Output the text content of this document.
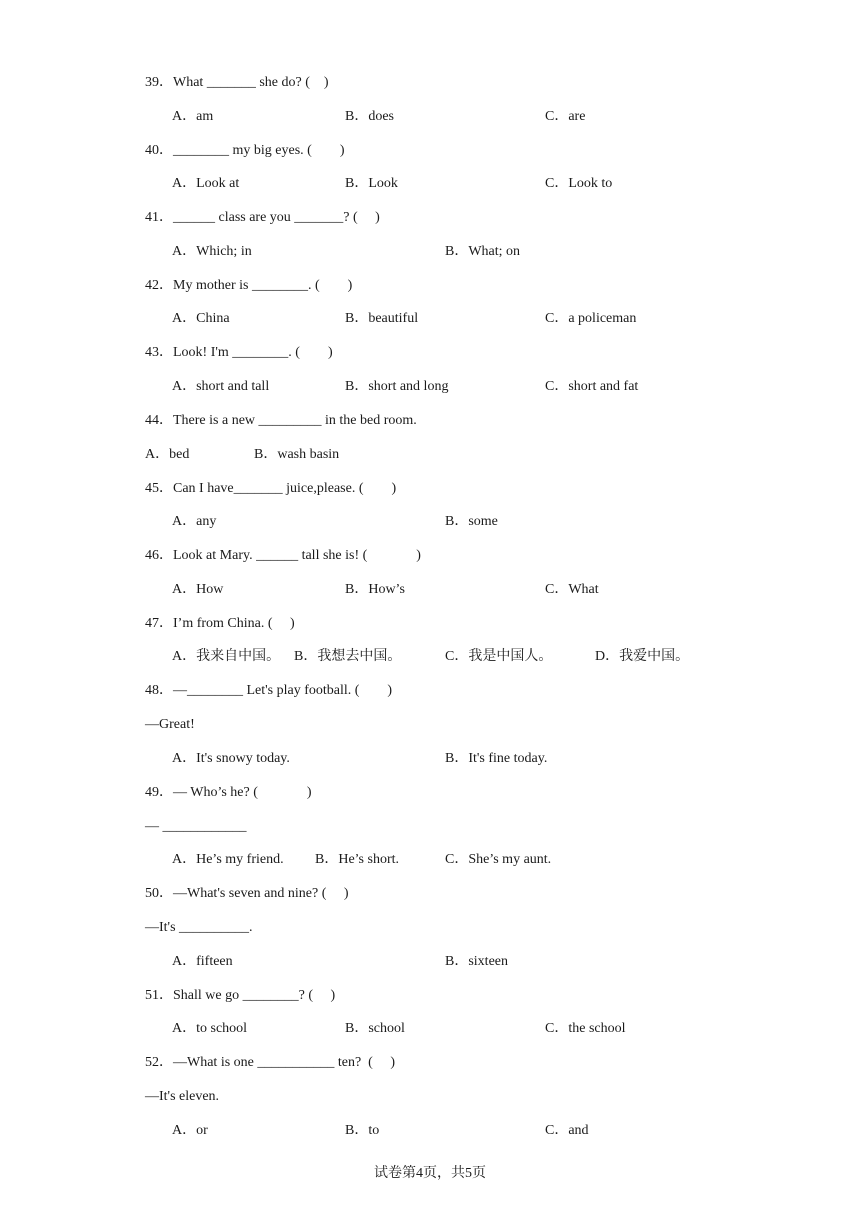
39．What _______ she do? (    )
A．am	B．does	C．are
40．________ my big eyes. (        )
A．Look at	B．Look	C．Look to
41．______ class are you _______? (     )
A．Which; in	B．What; on
42．My mother is ________. (        )
A．China	B．beautiful	C．a policeman
43．Look! I'm ________. (        )
A．short and tall	B．short and long	C．short and fat
44．There is a new _________ in the bed room.
A．bed	B．wash basin
45．Can I have_______ juice,please. (        )
A．any	B．some
46．Look at Mary. ______ tall she is! (              )
A．How	B．How’s	C．What
47．I’m from China. (     )
A．我来自中国。 B．我想去中国。	C．我是中国人。	D．我爱中国。
48．—________ Let's play football. (        )
—Great!
A．It's snowy today.	B．It's fine today.
49．— Who’s he? (              )
— ____________
A．He’s my friend. B．He’s short.	C．She’s my aunt.
50．—What's seven and nine? (     )
—It's __________.
A．fifteen	B．sixteen
51．Shall we go ________? (     )
A．to school	B．school	C．the school
52．—What is one ___________ ten?  (     )
—It's eleven.
A．or	B．to	C．and
试卷第4页，共5页
